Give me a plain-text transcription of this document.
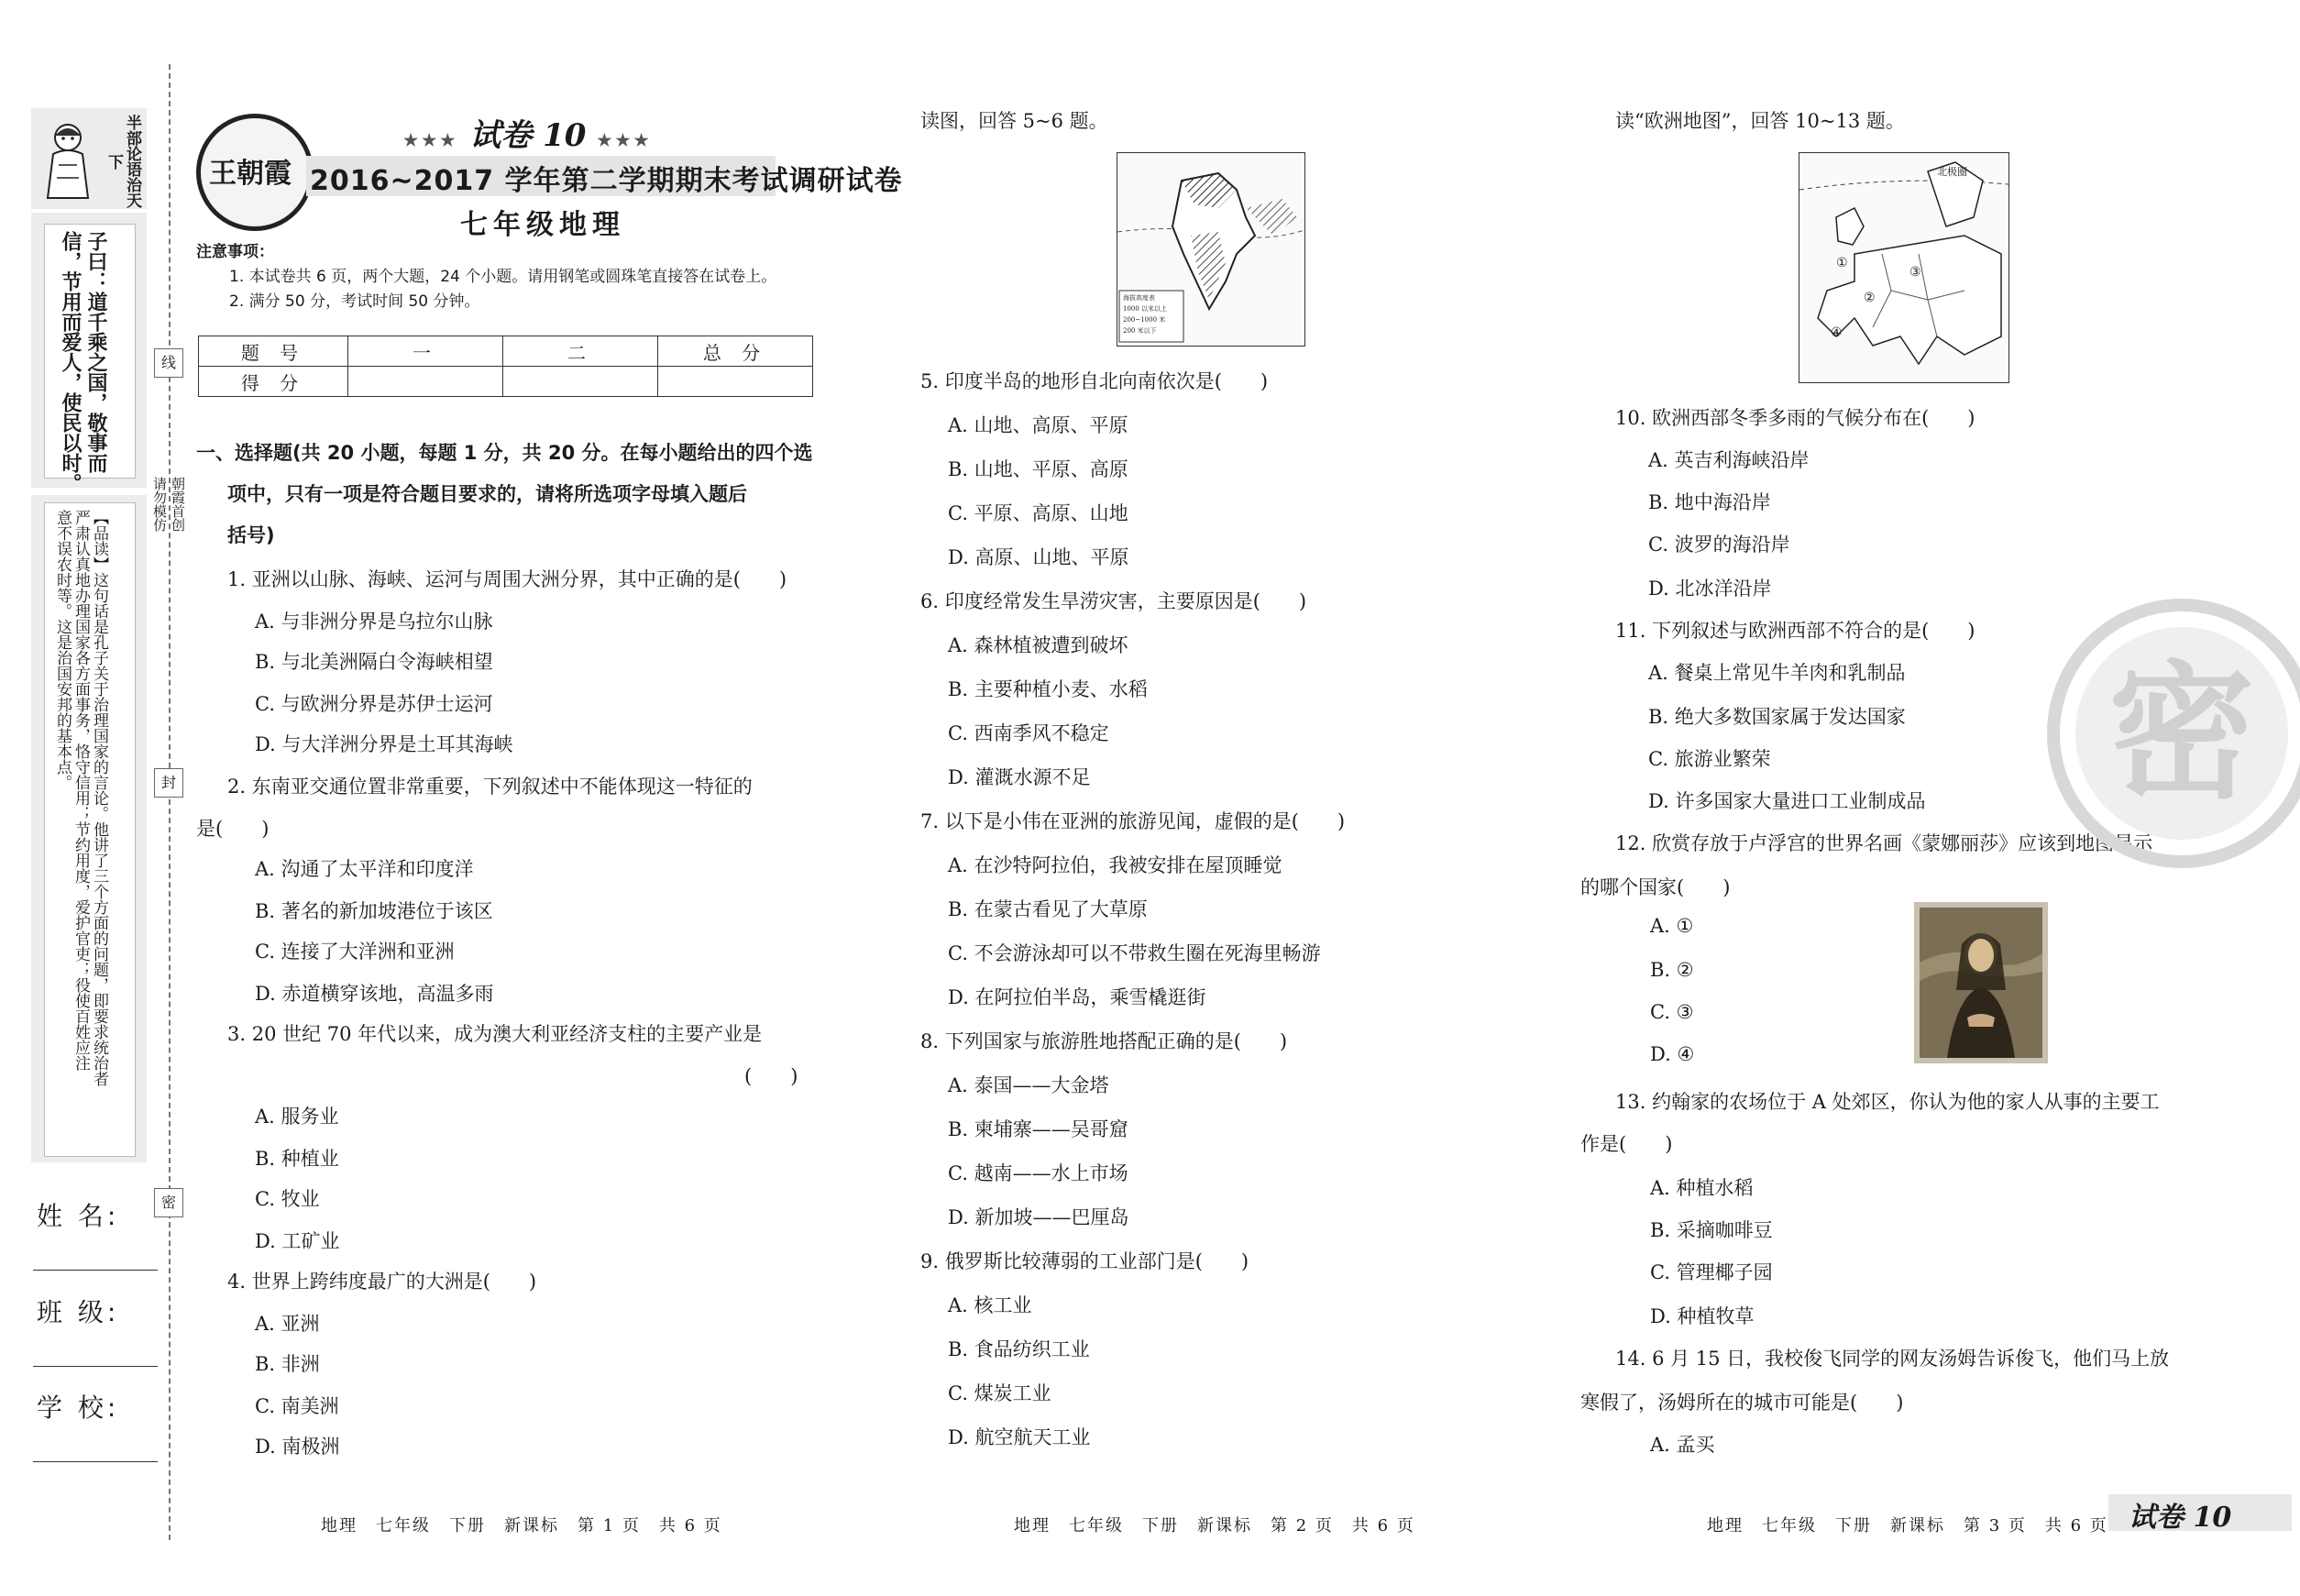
半部论语治天下
子曰：道千乘之国，敬事而
信，节用而爱人，使民以时。
【品读】这句话是孔子关于治理国家的言论。他讲了三个方面的问题，即要求统治者
严肃认真地办理国家各方面事务，恪守信用；节约用度，爱护官吏；役使百姓应注
意不误农时等。这是治国安邦的基本点。
姓 名:
班 级:
学 校:
线
封
密
朝霞首创
请勿模仿
王朝霞
★★★ 试卷 10 ★★★
2016~2017 学年第二学期期末考试调研试卷
七年级地理
注意事项：
1. 本试卷共 6 页，两个大题，24 个小题。请用钢笔或圆珠笔直接答在试卷上。
2. 满分 50 分，考试时间 50 分钟。
题 号	一	二	总 分
得 分			
一、选择题(共 20 小题，每题 1 分，共 20 分。在每小题给出的四个选
项中，只有一项是符合题目要求的，请将所选项字母填入题后
括号)
1. 亚洲以山脉、海峡、运河与周围大洲分界，其中正确的是(　　)
A. 与非洲分界是乌拉尔山脉
B. 与北美洲隔白令海峡相望
C. 与欧洲分界是苏伊士运河
D. 与大洋洲分界是土耳其海峡
2. 东南亚交通位置非常重要，下列叙述中不能体现这一特征的
是(　　)
A. 沟通了太平洋和印度洋
B. 著名的新加坡港位于该区
C. 连接了大洋洲和亚洲
D. 赤道横穿该地，高温多雨
3. 20 世纪 70 年代以来，成为澳大利亚经济支柱的主要产业是
(　　)
A. 服务业
B. 种植业
C. 牧业
D. 工矿业
4. 世界上跨纬度最广的大洲是(　　)
A. 亚洲
B. 非洲
C. 南美洲
D. 南极洲
地理　七年级　下册　新课标　第 1 页　共 6 页
读图，回答 5~6 题。
海拔高度表
1000 以米以上
200~1000 米
200 米以下
5. 印度半岛的地形自北向南依次是(　　)
A. 山地、高原、平原
B. 山地、平原、高原
C. 平原、高原、山地
D. 高原、山地、平原
6. 印度经常发生旱涝灾害，主要原因是(　　)
A. 森林植被遭到破坏
B. 主要种植小麦、水稻
C. 西南季风不稳定
D. 灌溉水源不足
7. 以下是小伟在亚洲的旅游见闻，虚假的是(　　)
A. 在沙特阿拉伯，我被安排在屋顶睡觉
B. 在蒙古看见了大草原
C. 不会游泳却可以不带救生圈在死海里畅游
D. 在阿拉伯半岛，乘雪橇逛街
8. 下列国家与旅游胜地搭配正确的是(　　)
A. 泰国——大金塔
B. 柬埔寨——吴哥窟
C. 越南——水上市场
D. 新加坡——巴厘岛
9. 俄罗斯比较薄弱的工业部门是(　　)
A. 核工业
B. 食品纺织工业
C. 煤炭工业
D. 航空航天工业
地理　七年级　下册　新课标　第 2 页　共 6 页
读“欧洲地图”，回答 10~13 题。
北极圈
①
②
③
④
10. 欧洲西部冬季多雨的气候分布在(　　)
A. 英吉利海峡沿岸
B. 地中海沿岸
C. 波罗的海沿岸
D. 北冰洋沿岸
11. 下列叙述与欧洲西部不符合的是(　　)
A. 餐桌上常见牛羊肉和乳制品
B. 绝大多数国家属于发达国家
C. 旅游业繁荣
D. 许多国家大量进口工业制成品
12. 欣赏存放于卢浮宫的世界名画《蒙娜丽莎》应该到地图显示
的哪个国家(　　)
A. ①
B. ②
C. ③
D. ④
13. 约翰家的农场位于 A 处郊区，你认为他的家人从事的主要工
作是(　　)
A. 种植水稻
B. 采摘咖啡豆
C. 管理椰子园
D. 种植牧草
14. 6 月 15 日，我校俊飞同学的网友汤姆告诉俊飞，他们马上放
寒假了，汤姆所在的城市可能是(　　)
A. 孟买
密
地理　七年级　下册　新课标　第 3 页　共 6 页 试卷 10
